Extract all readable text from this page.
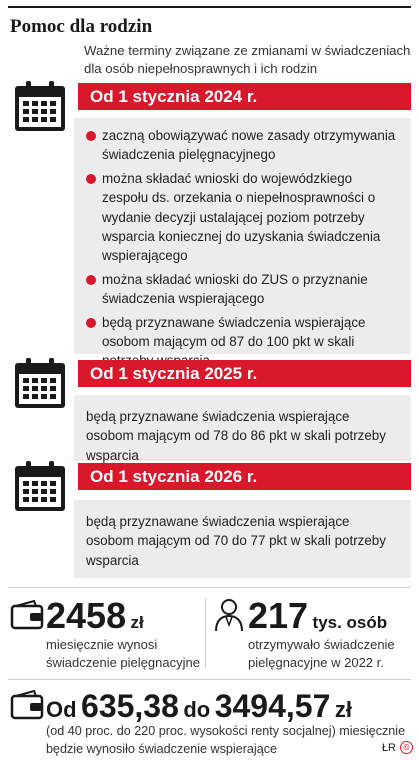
Pomoc dla rodzin
Ważne terminy związane ze zmianami w świadczeniach dla osób niepełnosprawnych i ich rodzin
Od 1 stycznia 2024 r.
zaczną obowiązywać nowe zasady otrzymywania świadczenia pielęgnacyjnego
można składać wnioski do wojewódzkiego zespołu ds. orzekania o niepełnosprawności o wydanie decyzji ustalającej poziom potrzeby wsparcia koniecznej do uzyskania świadczenia wspierającego
można składać wnioski do ZUS o przyznanie świadczenia wspierającego
będą przyznawane świadczenia wspierające osobom mającym od 87 do 100 pkt w skali
Od 1 stycznia 2025 r.
będą przyznawane świadczenia wspierające osobom mającym od 78 do 86 pkt w skali potrzeby wsparcia
Od 1 stycznia 2026 r.
będą przyznawane świadczenia wspierające osobom mającym od 70 do 77 pkt w skali potrzeby wsparcia
2458 zł
miesięcznie wynosi świadczenie pielęgnacyjne
217 tys. osób
otrzymywało świadczenie pielęgnacyjne w 2022 r.
Od 635,38 do 3494,57 zł
(od 40 proc. do 220 proc. wysokości renty socjalnej) miesięcznie będzie wynosiło świadczenie wspierające	ŁR ©
